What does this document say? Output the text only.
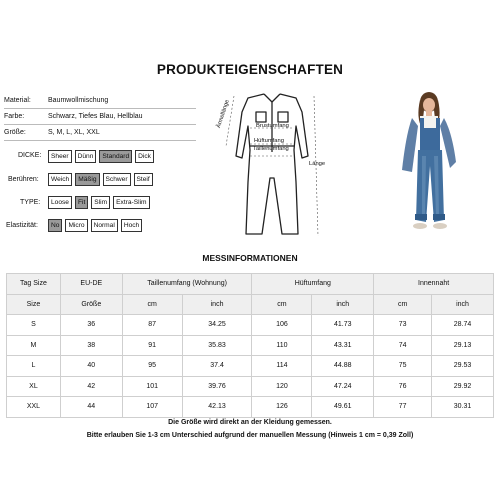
PRODUKTEIGENSCHAFTEN
Material:	Baumwollmischung
Farbe:	Schwarz, Tiefes Blau, Hellblau
Größe:	S, M, L, XL, XXL
DICKE:	Sheer	Dünn	Standard	Dick
Berühren:	Weich	Mäßig	Schwer	Steif
TYPE:	Loose	Fit	Slim	Extra-Slim
Elastizität:	No	Micro	Normal	Hoch
Brustumfang
Hüftumfang
Taillenumfang
Länge
Ärmellänge
MESSINFORMATIONEN
Tag Size	EU-DE	Taillenumfang (Wohnung)		Hüftumfang		Innennaht	
Size	Größe	cm	inch	cm	inch	cm	inch
S	36	87	34.25	106	41.73	73	28.74
M	38	91	35.83	110	43.31	74	29.13
L	40	95	37.4	114	44.88	75	29.53
XL	42	101	39.76	120	47.24	76	29.92
XXL	44	107	42.13	126	49.61	77	30.31
Die Größe wird direkt an der Kleidung gemessen.
Bitte erlauben Sie 1-3 cm Unterschied aufgrund der manuellen Messung (Hinweis 1 cm = 0,39 Zoll)
